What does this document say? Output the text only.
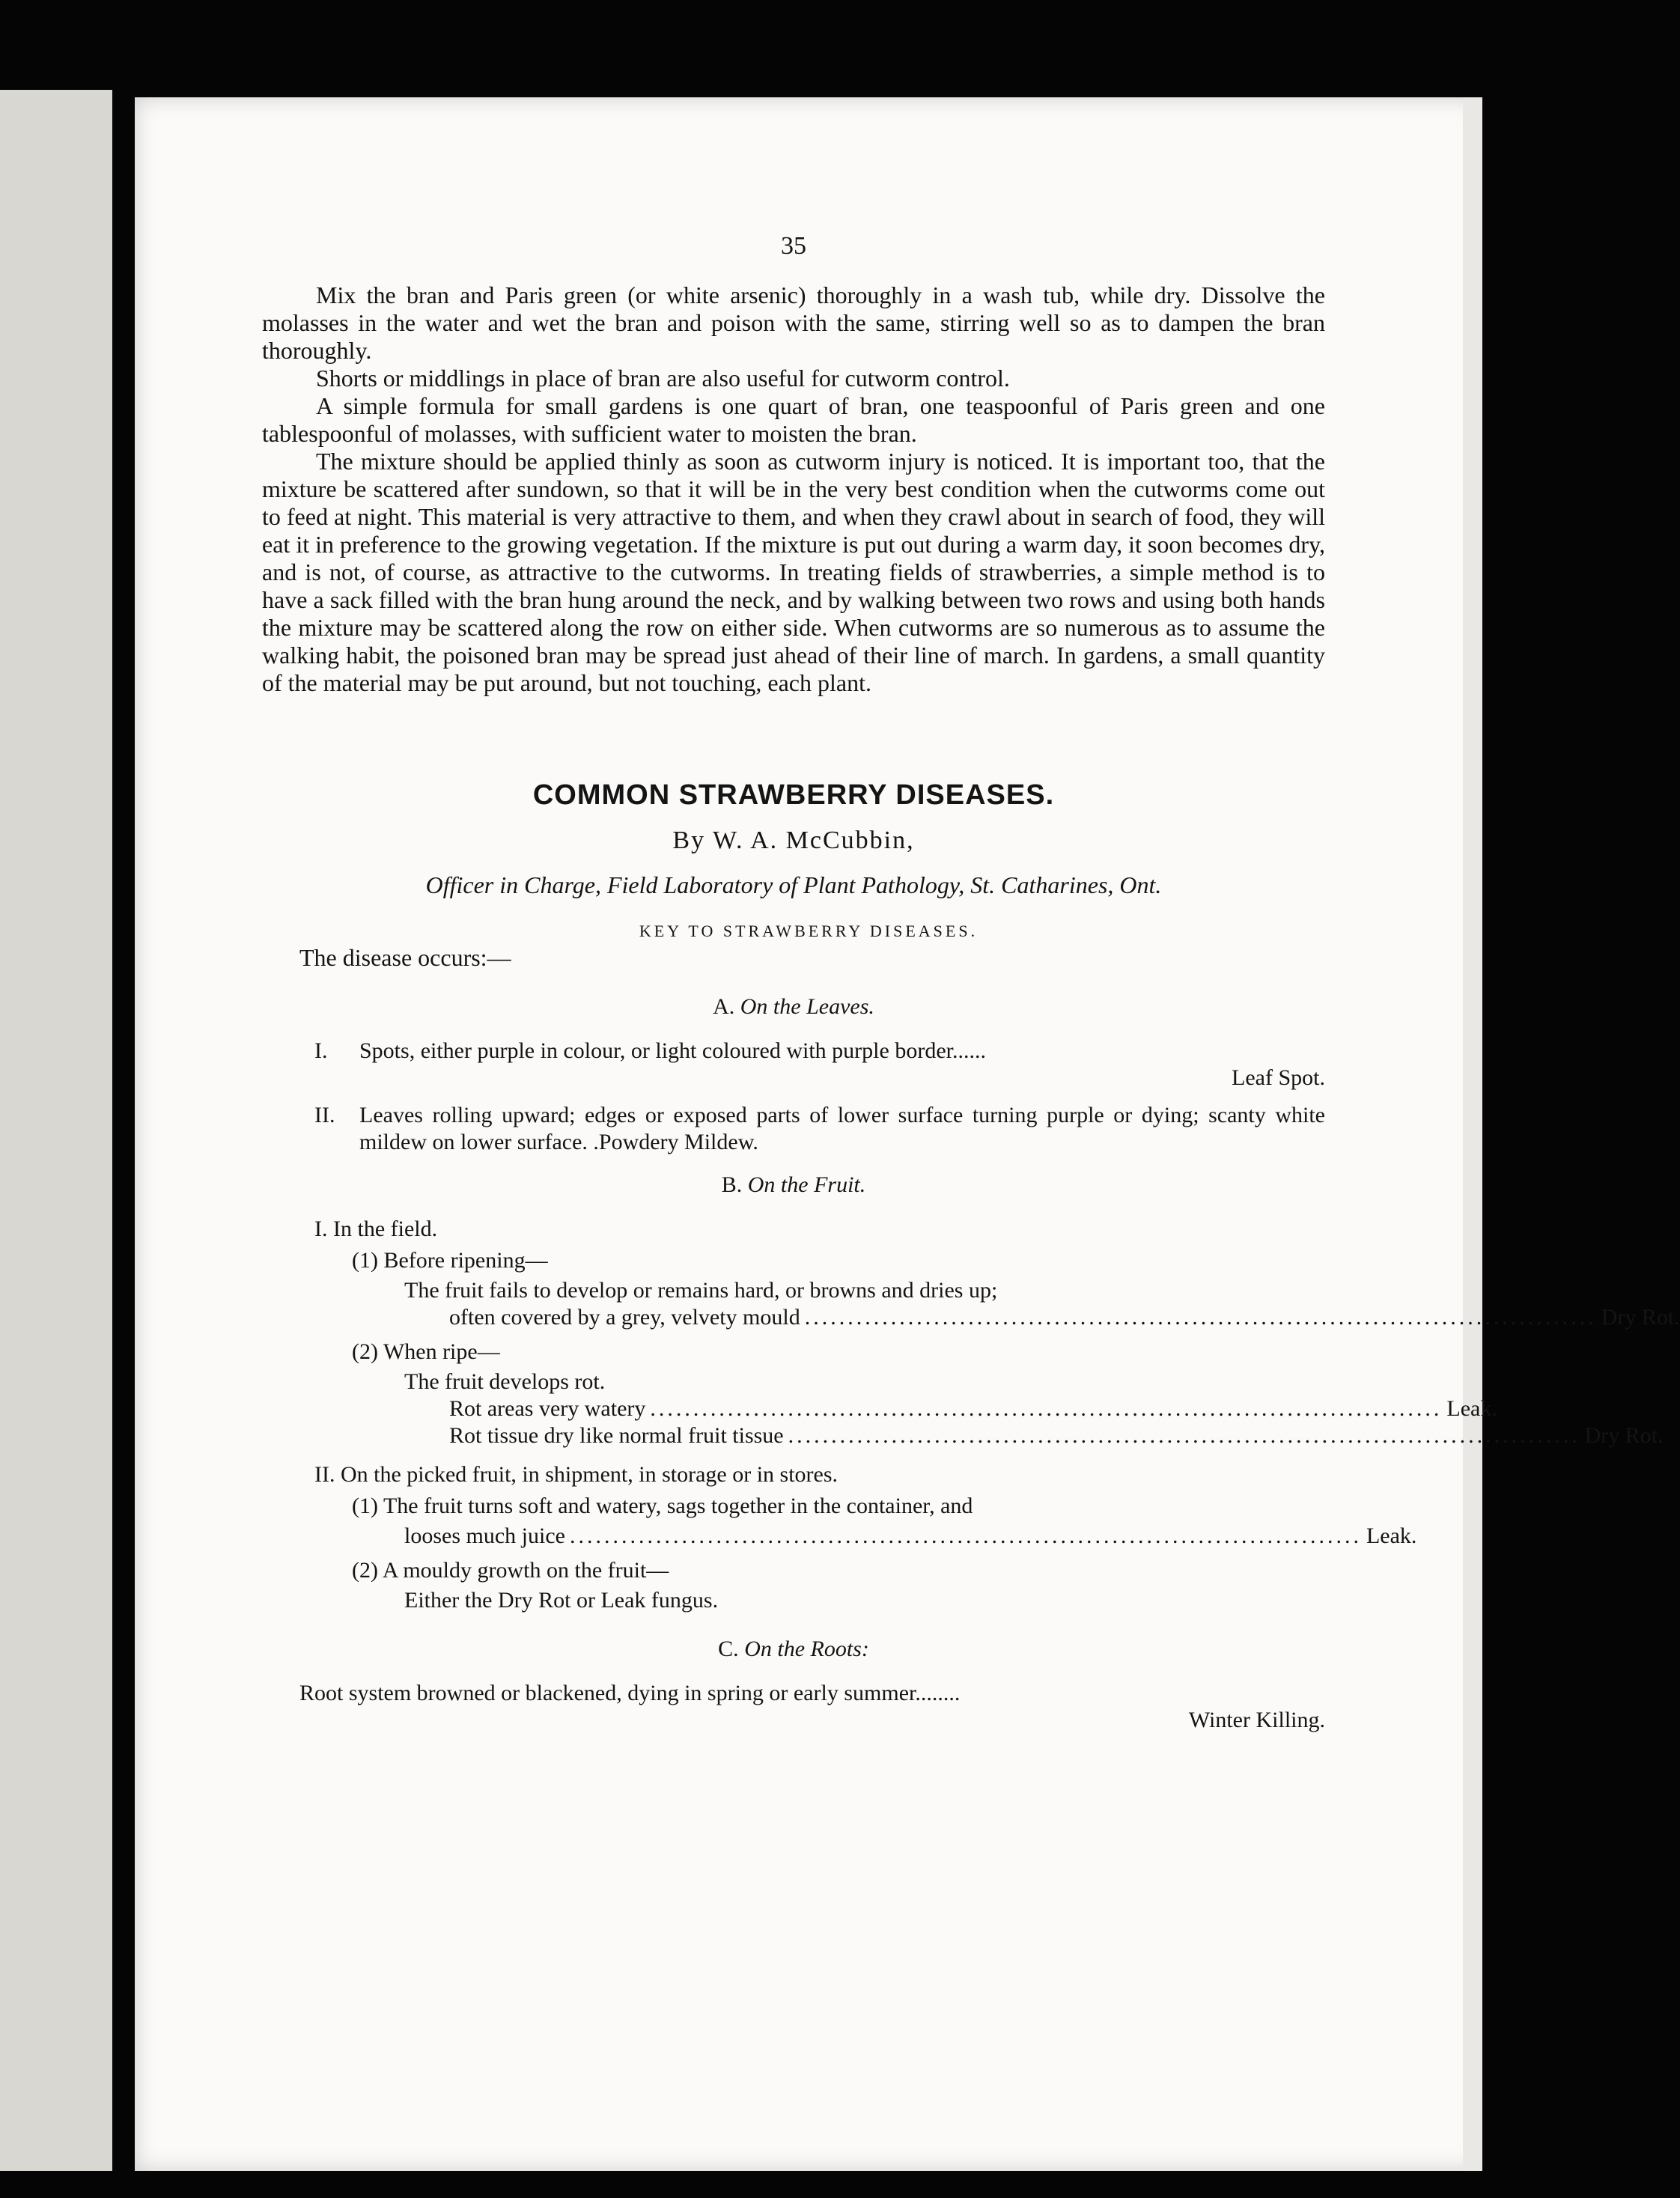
35

Mix the bran and Paris green (or white arsenic) thoroughly in a wash tub, while dry. Dissolve the molasses in the water and wet the bran and poison with the same, stirring well so as to dampen the bran thoroughly.

Shorts or middlings in place of bran are also useful for cutworm control.

A simple formula for small gardens is one quart of bran, one teaspoonful of Paris green and one tablespoonful of molasses, with sufficient water to moisten the bran.

The mixture should be applied thinly as soon as cutworm injury is noticed. It is important too, that the mixture be scattered after sundown, so that it will be in the very best condition when the cutworms come out to feed at night. This material is very attractive to them, and when they crawl about in search of food, they will eat it in preference to the growing vegetation. If the mixture is put out during a warm day, it soon becomes dry, and is not, of course, as attractive to the cutworms. In treating fields of strawberries, a simple method is to have a sack filled with the bran hung around the neck, and by walking between two rows and using both hands the mixture may be scattered along the row on either side. When cutworms are so numerous as to assume the walking habit, the poisoned bran may be spread just ahead of their line of march. In gardens, a small quantity of the material may be put around, but not touching, each plant.

COMMON STRAWBERRY DISEASES.
By W. A. McCubbin,
Officer in Charge, Field Laboratory of Plant Pathology, St. Catharines, Ont.
KEY TO STRAWBERRY DISEASES.
The disease occurs:—
A. On the Leaves.
I. Spots, either purple in colour, or light coloured with purple border......
Leaf Spot.
II. Leaves rolling upward; edges or exposed parts of lower surface turning purple or dying; scanty white mildew on lower surface. .Powdery Mildew.
B. On the Fruit.
I. In the field.
(1) Before ripening—
The fruit fails to develop or remains hard, or browns and dries up;
often covered by a grey, velvety mould ............................................................................................ Dry Rot.
(2) When ripe—
The fruit develops rot.
Rot areas very watery ............................................................................................ Leak.
Rot tissue dry like normal fruit tissue ............................................................................................ Dry Rot.
II. On the picked fruit, in shipment, in storage or in stores.
(1) The fruit turns soft and watery, sags together in the container, and
looses much juice ............................................................................................ Leak.
(2) A mouldy growth on the fruit—
Either the Dry Rot or Leak fungus.
C. On the Roots:
Root system browned or blackened, dying in spring or early summer........
Winter Killing.
